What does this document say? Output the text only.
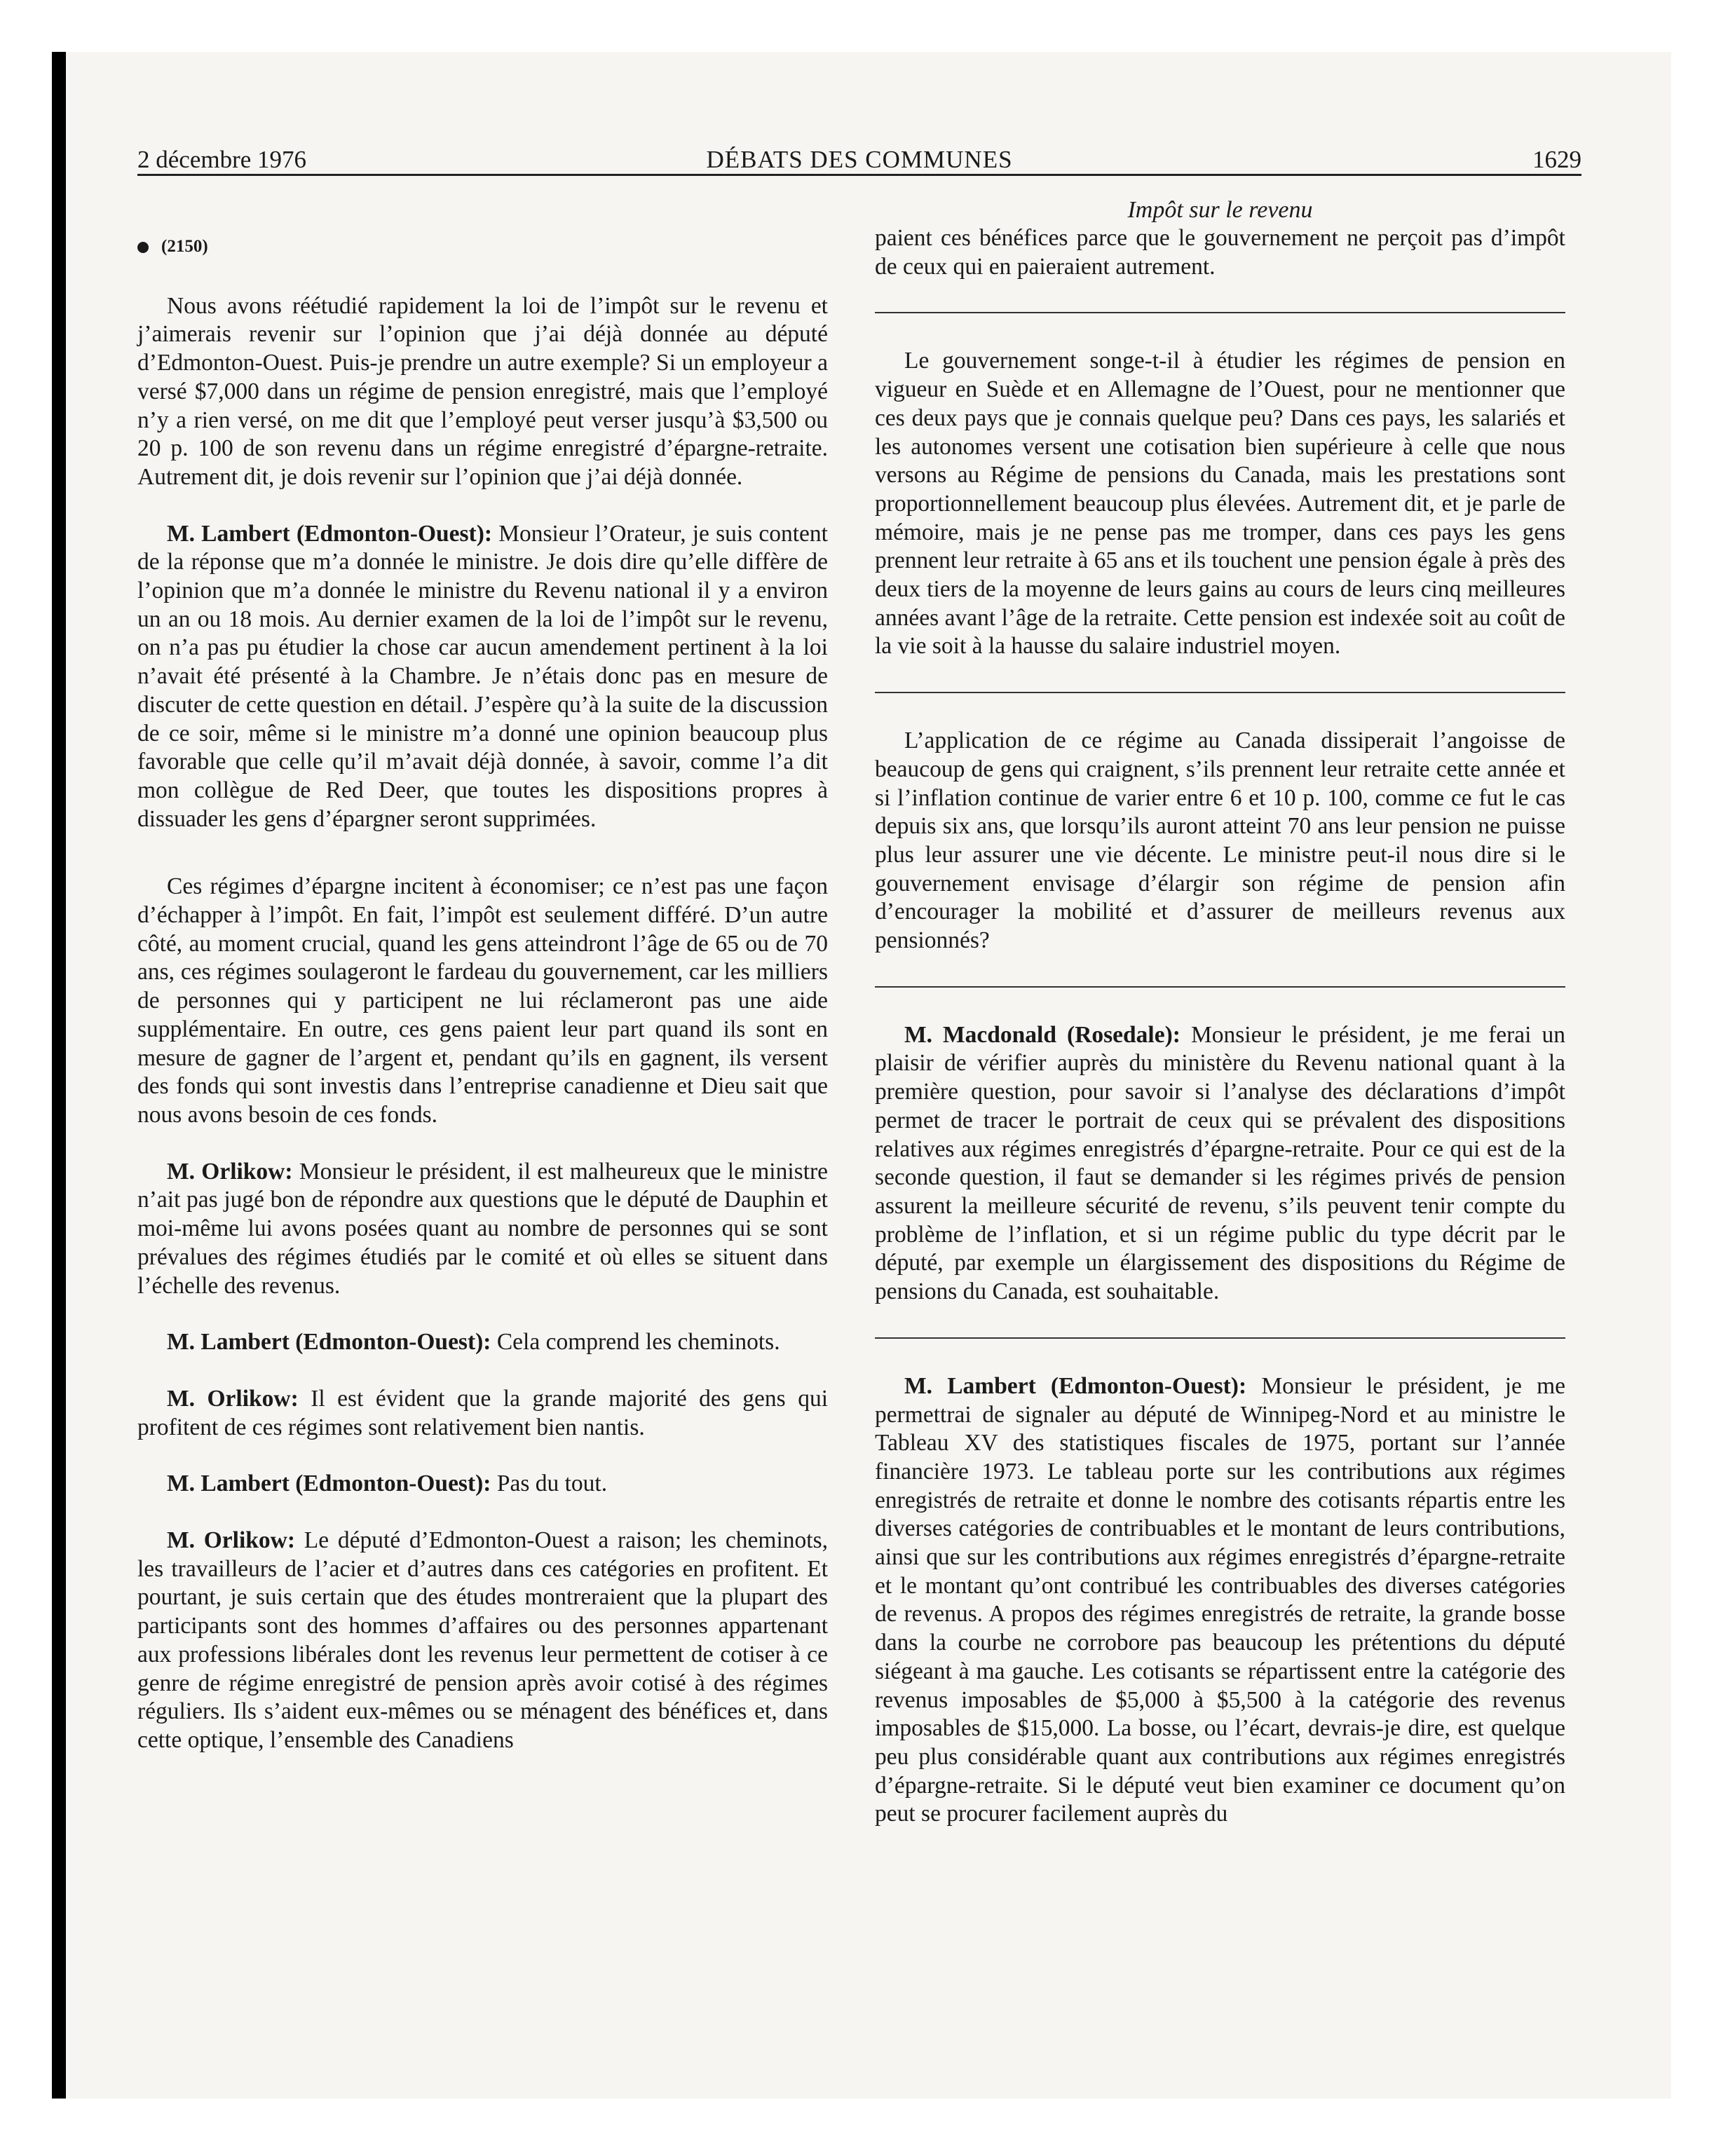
2 décembre 1976	DÉBATS DES COMMUNES	1629
(2150)

Nous avons réétudié rapidement la loi de l’impôt sur le revenu et j’aimerais revenir sur l’opinion que j’ai déjà donnée au député d’Edmonton-Ouest. Puis-je prendre un autre exemple? Si un employeur a versé $7,000 dans un régime de pension enregistré, mais que l’employé n’y a rien versé, on me dit que l’employé peut verser jusqu’à $3,500 ou 20 p. 100 de son revenu dans un régime enregistré d’épargne-retraite. Autrement dit, je dois revenir sur l’opinion que j’ai déjà donnée.

M. Lambert (Edmonton-Ouest): Monsieur l’Orateur, je suis content de la réponse que m’a donnée le ministre. Je dois dire qu’elle diffère de l’opinion que m’a donnée le ministre du Revenu national il y a environ un an ou 18 mois. Au dernier examen de la loi de l’impôt sur le revenu, on n’a pas pu étudier la chose car aucun amendement pertinent à la loi n’avait été présenté à la Chambre. Je n’étais donc pas en mesure de discuter de cette question en détail. J’espère qu’à la suite de la discussion de ce soir, même si le ministre m’a donné une opinion beaucoup plus favorable que celle qu’il m’avait déjà donnée, à savoir, comme l’a dit mon collègue de Red Deer, que toutes les dispositions propres à dissuader les gens d’épargner seront supprimées.

Ces régimes d’épargne incitent à économiser; ce n’est pas une façon d’échapper à l’impôt. En fait, l’impôt est seulement différé. D’un autre côté, au moment crucial, quand les gens atteindront l’âge de 65 ou de 70 ans, ces régimes soulageront le fardeau du gouvernement, car les milliers de personnes qui y participent ne lui réclameront pas une aide supplémentaire. En outre, ces gens paient leur part quand ils sont en mesure de gagner de l’argent et, pendant qu’ils en gagnent, ils versent des fonds qui sont investis dans l’entreprise canadienne et Dieu sait que nous avons besoin de ces fonds.

M. Orlikow: Monsieur le président, il est malheureux que le ministre n’ait pas jugé bon de répondre aux questions que le député de Dauphin et moi-même lui avons posées quant au nombre de personnes qui se sont prévalues des régimes étudiés par le comité et où elles se situent dans l’échelle des revenus.

M. Lambert (Edmonton-Ouest): Cela comprend les cheminots.

M. Orlikow: Il est évident que la grande majorité des gens qui profitent de ces régimes sont relativement bien nantis.

M. Lambert (Edmonton-Ouest): Pas du tout.

M. Orlikow: Le député d’Edmonton-Ouest a raison; les cheminots, les travailleurs de l’acier et d’autres dans ces catégories en profitent. Et pourtant, je suis certain que des études montreraient que la plupart des participants sont des hommes d’affaires ou des personnes appartenant aux professions libérales dont les revenus leur permettent de cotiser à ce genre de régime enregistré de pension après avoir cotisé à des régimes réguliers. Ils s’aident eux-mêmes ou se ménagent des bénéfices et, dans cette optique, l’ensemble des Canadiens

Impôt sur le revenu

paient ces bénéfices parce que le gouvernement ne perçoit pas d’impôt de ceux qui en paieraient autrement.

Le gouvernement songe-t-il à étudier les régimes de pension en vigueur en Suède et en Allemagne de l’Ouest, pour ne mentionner que ces deux pays que je connais quelque peu? Dans ces pays, les salariés et les autonomes versent une cotisation bien supérieure à celle que nous versons au Régime de pensions du Canada, mais les prestations sont proportionnellement beaucoup plus élevées. Autrement dit, et je parle de mémoire, mais je ne pense pas me tromper, dans ces pays les gens prennent leur retraite à 65 ans et ils touchent une pension égale à près des deux tiers de la moyenne de leurs gains au cours de leurs cinq meilleures années avant l’âge de la retraite. Cette pension est indexée soit au coût de la vie soit à la hausse du salaire industriel moyen.

L’application de ce régime au Canada dissiperait l’angoisse de beaucoup de gens qui craignent, s’ils prennent leur retraite cette année et si l’inflation continue de varier entre 6 et 10 p. 100, comme ce fut le cas depuis six ans, que lorsqu’ils auront atteint 70 ans leur pension ne puisse plus leur assurer une vie décente. Le ministre peut-il nous dire si le gouvernement envisage d’élargir son régime de pension afin d’encourager la mobilité et d’assurer de meilleurs revenus aux pensionnés?

M. Macdonald (Rosedale): Monsieur le président, je me ferai un plaisir de vérifier auprès du ministère du Revenu national quant à la première question, pour savoir si l’analyse des déclarations d’impôt permet de tracer le portrait de ceux qui se prévalent des dispositions relatives aux régimes enregistrés d’épargne-retraite. Pour ce qui est de la seconde question, il faut se demander si les régimes privés de pension assurent la meilleure sécurité de revenu, s’ils peuvent tenir compte du problème de l’inflation, et si un régime public du type décrit par le député, par exemple un élargissement des dispositions du Régime de pensions du Canada, est souhaitable.

M. Lambert (Edmonton-Ouest): Monsieur le président, je me permettrai de signaler au député de Winnipeg-Nord et au ministre le Tableau XV des statistiques fiscales de 1975, portant sur l’année financière 1973. Le tableau porte sur les contributions aux régimes enregistrés de retraite et donne le nombre des cotisants répartis entre les diverses catégories de contribuables et le montant de leurs contributions, ainsi que sur les contributions aux régimes enregistrés d’épargne-retraite et le montant qu’ont contribué les contribuables des diverses catégories de revenus. A propos des régimes enregistrés de retraite, la grande bosse dans la courbe ne corrobore pas beaucoup les prétentions du député siégeant à ma gauche. Les cotisants se répartissent entre la catégorie des revenus imposables de $5,000 à $5,500 à la catégorie des revenus imposables de $15,000. La bosse, ou l’écart, devrais-je dire, est quelque peu plus considérable quant aux contributions aux régimes enregistrés d’épargne-retraite. Si le député veut bien examiner ce document qu’on peut se procurer facilement auprès du
